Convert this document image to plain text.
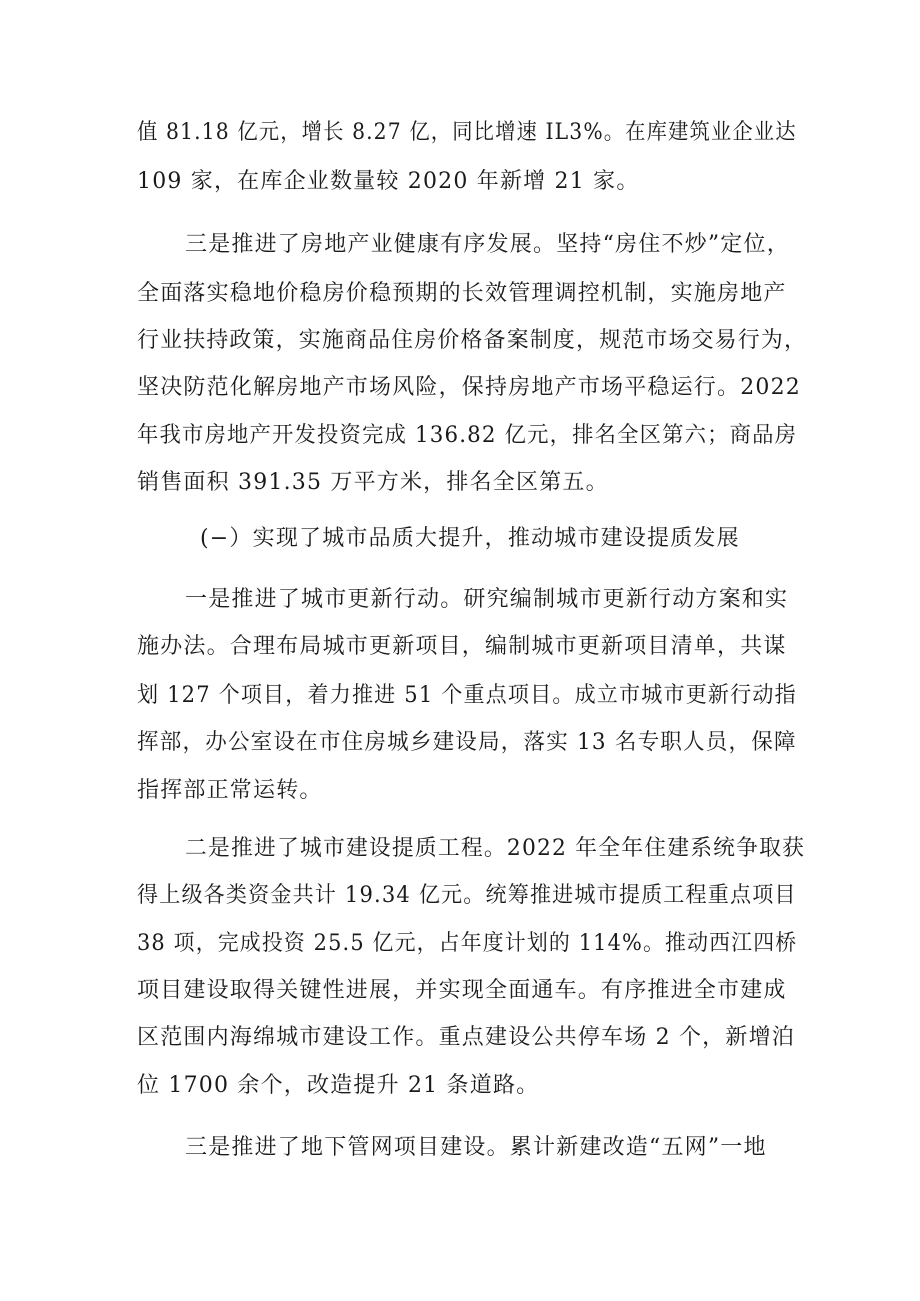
值 81.18 亿元，增长 8.27 亿，同比增速 IL3%。在库建筑业企业达
109 家，在库企业数量较 2020 年新增 21 家。
三是推进了房地产业健康有序发展。坚持“房住不炒”定位，
全面落实稳地价稳房价稳预期的长效管理调控机制，实施房地产
行业扶持政策，实施商品住房价格备案制度，规范市场交易行为，
坚决防范化解房地产市场风险，保持房地产市场平稳运行。2022
年我市房地产开发投资完成 136.82 亿元，排名全区第六；商品房
销售面积 391.35 万平方米，排名全区第五。
(−）实现了城市品质大提升，推动城市建设提质发展
一是推进了城市更新行动。研究编制城市更新行动方案和实
施办法。合理布局城市更新项目，编制城市更新项目清单，共谋
划 127 个项目，着力推进 51 个重点项目。成立市城市更新行动指
挥部，办公室设在市住房城乡建设局，落实 13 名专职人员，保障
指挥部正常运转。
二是推进了城市建设提质工程。2022 年全年住建系统争取获
得上级各类资金共计 19.34 亿元。统筹推进城市提质工程重点项目
38 项，完成投资 25.5 亿元，占年度计划的 114%。推动西江四桥
项目建设取得关键性进展，并实现全面通车。有序推进全市建成
区范围内海绵城市建设工作。重点建设公共停车场 2 个，新增泊
位 1700 余个，改造提升 21 条道路。
三是推进了地下管网项目建设。累计新建改造“五网”一地
